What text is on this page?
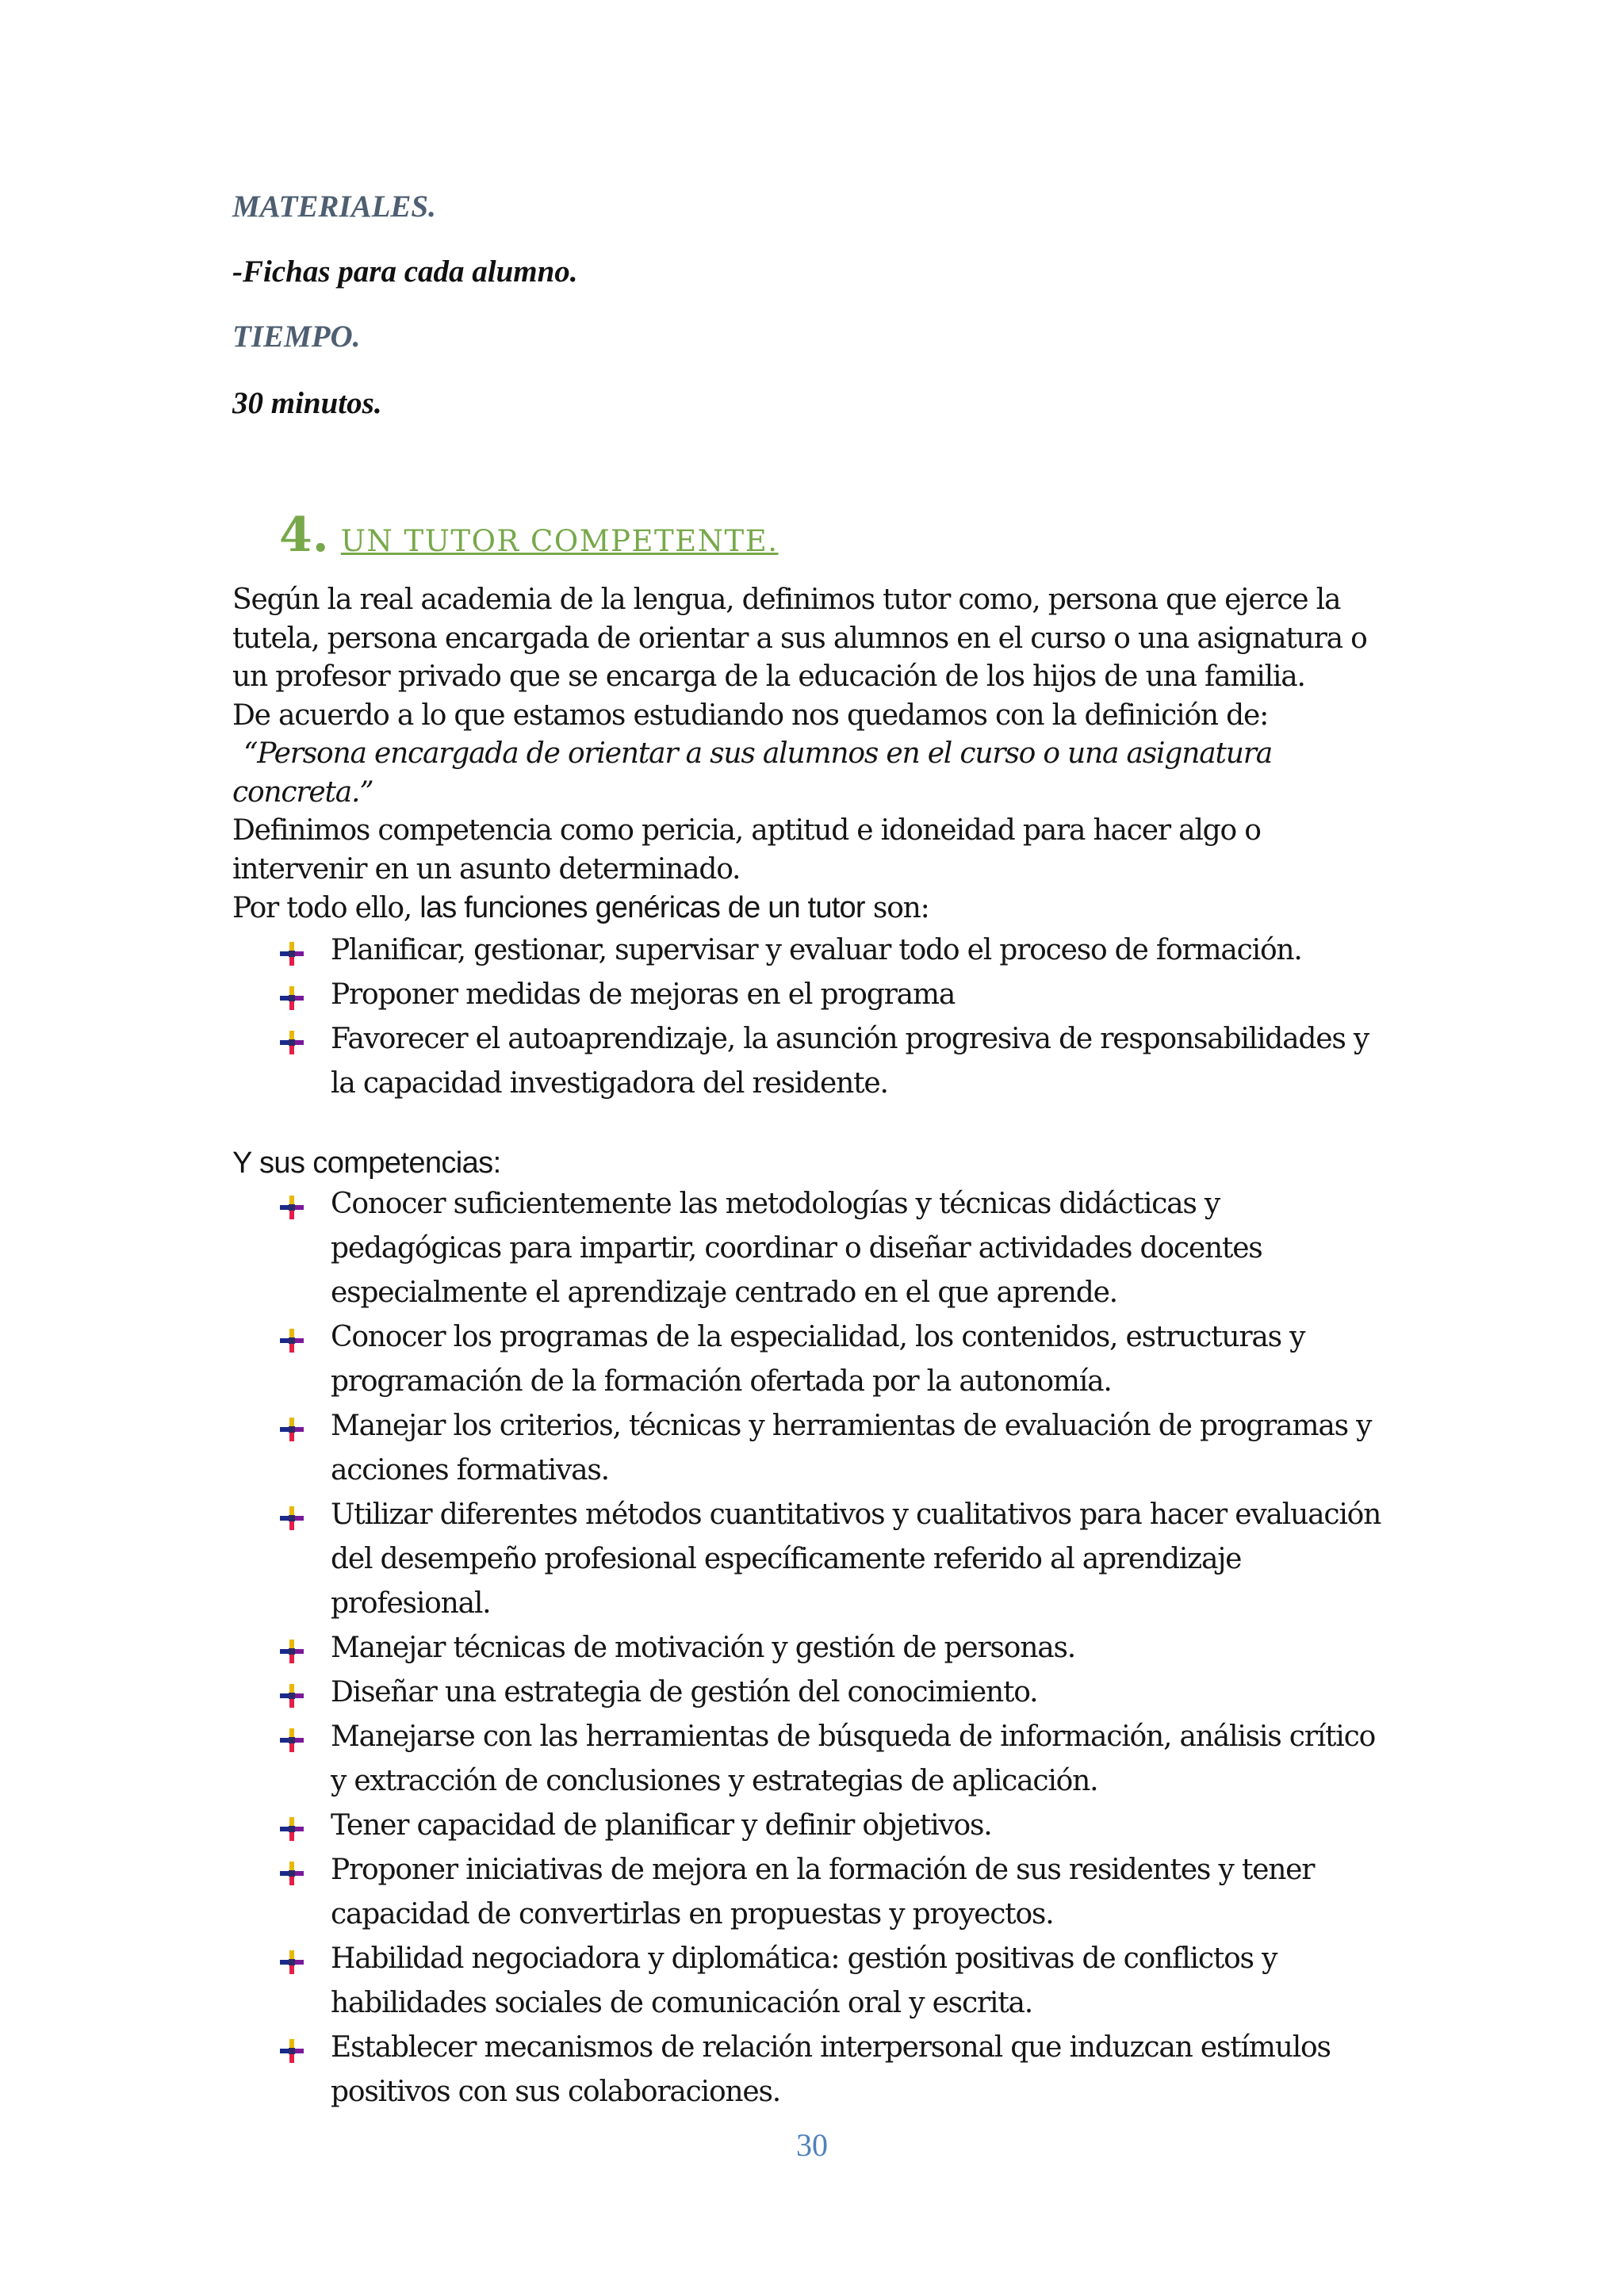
MATERIALES.
-Fichas para cada alumno.
TIEMPO.
30 minutos.
4. UN TUTOR COMPETENTE.

Según la real academia de la lengua, definimos tutor como, persona que ejerce la tutela, persona encargada de orientar a sus alumnos en el curso o una asignatura o un profesor privado que se encarga de la educación de los hijos de una familia.

De acuerdo a lo que estamos estudiando nos quedamos con la definición de:

“Persona encargada de orientar a sus alumnos en el curso o una asignatura

concreta.”

Definimos competencia como pericia, aptitud e idoneidad para hacer algo o intervenir en un asunto determinado.

Por todo ello, las funciones genéricas de un tutor son:

Planificar, gestionar, supervisar y evaluar todo el proceso de formación.
Proponer medidas de mejoras en el programa
Favorecer el autoaprendizaje, la asunción progresiva de responsabilidades y la capacidad investigadora del residente.
Y sus competencias:
Conocer suficientemente las metodologías y técnicas didácticas y pedagógicas para impartir, coordinar o diseñar actividades docentes especialmente el aprendizaje centrado en el que aprende.
Conocer los programas de la especialidad, los contenidos, estructuras y programación de la formación ofertada por la autonomía.
Manejar los criterios, técnicas y herramientas de evaluación de programas y acciones formativas.
Utilizar diferentes métodos cuantitativos y cualitativos para hacer evaluación del desempeño profesional específicamente referido al aprendizaje profesional.
Manejar técnicas de motivación y gestión de personas.
Diseñar una estrategia de gestión del conocimiento.
Manejarse con las herramientas de búsqueda de información, análisis crítico y extracción de conclusiones y estrategias de aplicación.
Tener capacidad de planificar y definir objetivos.
Proponer iniciativas de mejora en la formación de sus residentes y tener capacidad de convertirlas en propuestas y proyectos.
Habilidad negociadora y diplomática: gestión positivas de conflictos y habilidades sociales de comunicación oral y escrita.
Establecer mecanismos de relación interpersonal que induzcan estímulos positivos con sus colaboraciones.
30
